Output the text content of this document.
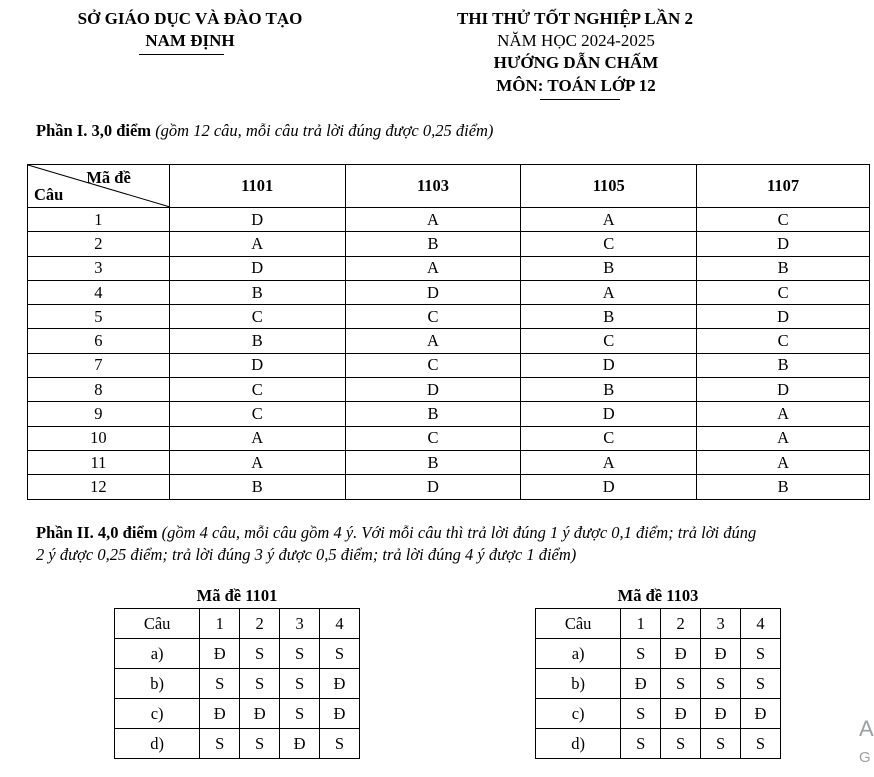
SỞ GIÁO DỤC VÀ ĐÀO TẠO
NAM ĐỊNH
THI THỬ TỐT NGHIỆP LẦN 2
NĂM HỌC 2024-2025
HƯỚNG DẪN CHẤM
MÔN: TOÁN LỚP 12
Phần I. 3,0 điểm (gồm 12 câu, mỗi câu trả lời đúng được 0,25 điểm)
Mã đề
Câu	1101	1103	1105	1107
1	D	A	A	C
2	A	B	C	D
3	D	A	B	B
4	B	D	A	C
5	C	C	B	D
6	B	A	C	C
7	D	C	D	B
8	C	D	B	D
9	C	B	D	A
10	A	C	C	A
11	A	B	A	A
12	B	D	D	B
Phần II. 4,0 điểm (gồm 4 câu, mỗi câu gồm 4 ý. Với mỗi câu thì trả lời đúng 1 ý được 0,1 điểm; trả lời đúng
2 ý được 0,25 điểm; trả lời đúng 3 ý được 0,5 điểm; trả lời đúng 4 ý được 1 điểm)
Mã đề 1101
Câu	1	2	3	4
a)	Đ	S	S	S
b)	S	S	S	Đ
c)	Đ	Đ	S	Đ
d)	S	S	Đ	S
Mã đề 1103
Câu	1	2	3	4
a)	S	Đ	Đ	S
b)	Đ	S	S	S
c)	S	Đ	Đ	Đ
d)	S	S	S	S
A
G
